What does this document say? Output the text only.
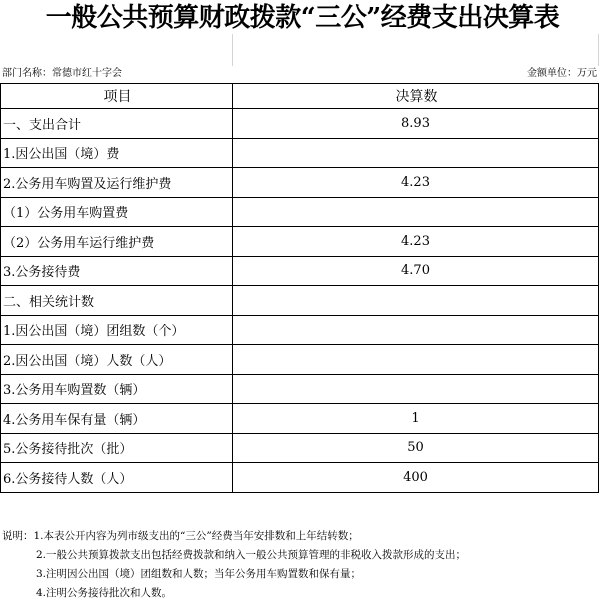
一般公共预算财政拨款“三公”经费支出决算表
部门名称：常德市红十字会	金额单位：万元
项目	决算数	
一、支出合计	8.93	
1.因公出国（境）费		
2.公务用车购置及运行维护费	4.23	
（1）公务用车购置费		
（2）公务用车运行维护费	4.23	
3.公务接待费	4.70	
二、相关统计数		
1.因公出国（境）团组数（个）		
2.因公出国（境）人数（人）		
3.公务用车购置数（辆）		
4.公务用车保有量（辆）	1	
5.公务接待批次（批）	50	
6.公务接待人数（人）	400	
说明：1.本表公开内容为列市级支出的“三公”经费当年安排数和上年结转数；
2.一般公共预算拨款支出包括经费拨款和纳入一般公共预算管理的非税收入拨款形成的支出；
3.注明因公出国（境）团组数和人数；当年公务用车购置数和保有量；
4.注明公务接待批次和人数。
